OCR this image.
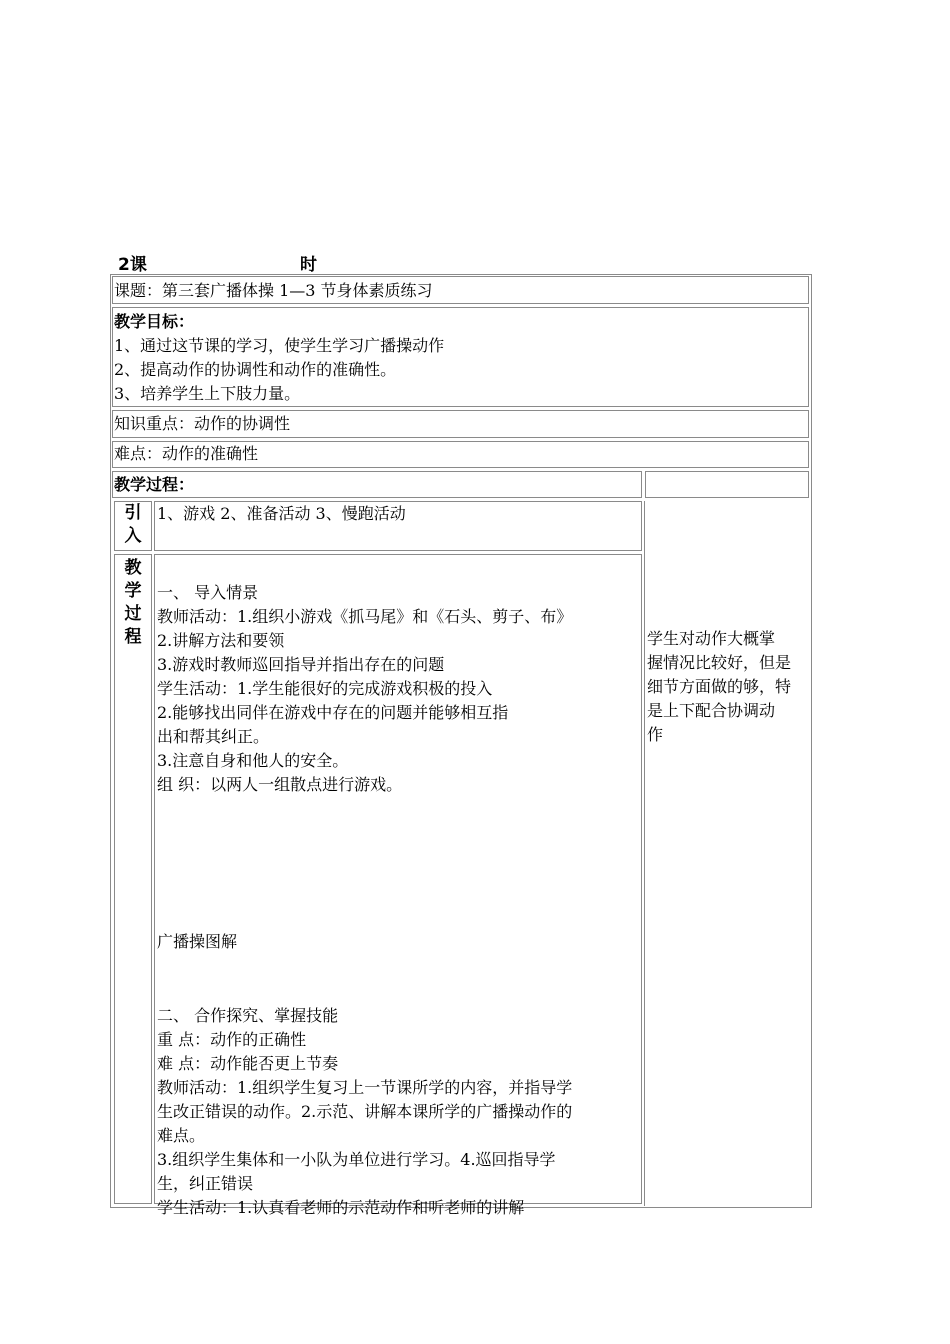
2课	时
课题：第三套广播体操 1—3 节身体素质练习
教学目标：
1、通过这节课的学习，使学生学习广播操动作
2、提高动作的协调性和动作的准确性。
3、培养学生上下肢力量。
知识重点：动作的协调性
难点：动作的准确性
教学过程：
引
入
1、游戏 2、准备活动 3、慢跑活动
教
学
过
程

一、 导入情景
教师活动：1.组织小游戏《抓马尾》和《石头、剪子、布》
2.讲解方法和要领
3.游戏时教师巡回指导并指出存在的问题
学生活动：1.学生能很好的完成游戏积极的投入
2.能够找出同伴在游戏中存在的问题并能够相互指
出和帮其纠正。
3.注意自身和他人的安全。
组 织：以两人一组散点进行游戏。

广播操图解

二、 合作探究、掌握技能
重 点：动作的正确性
难 点：动作能否更上节奏
教师活动：1.组织学生复习上一节课所学的内容，并指导学
生改正错误的动作。2.示范、讲解本课所学的广播操动作的
难点。
3.组织学生集体和一小队为单位进行学习。4.巡回指导学
生，纠正错误
学生活动：1.认真看老师的示范动作和听老师的讲解

学生对动作大概掌
握情况比较好，但是
细节方面做的够，特
是上下配合协调动
作
